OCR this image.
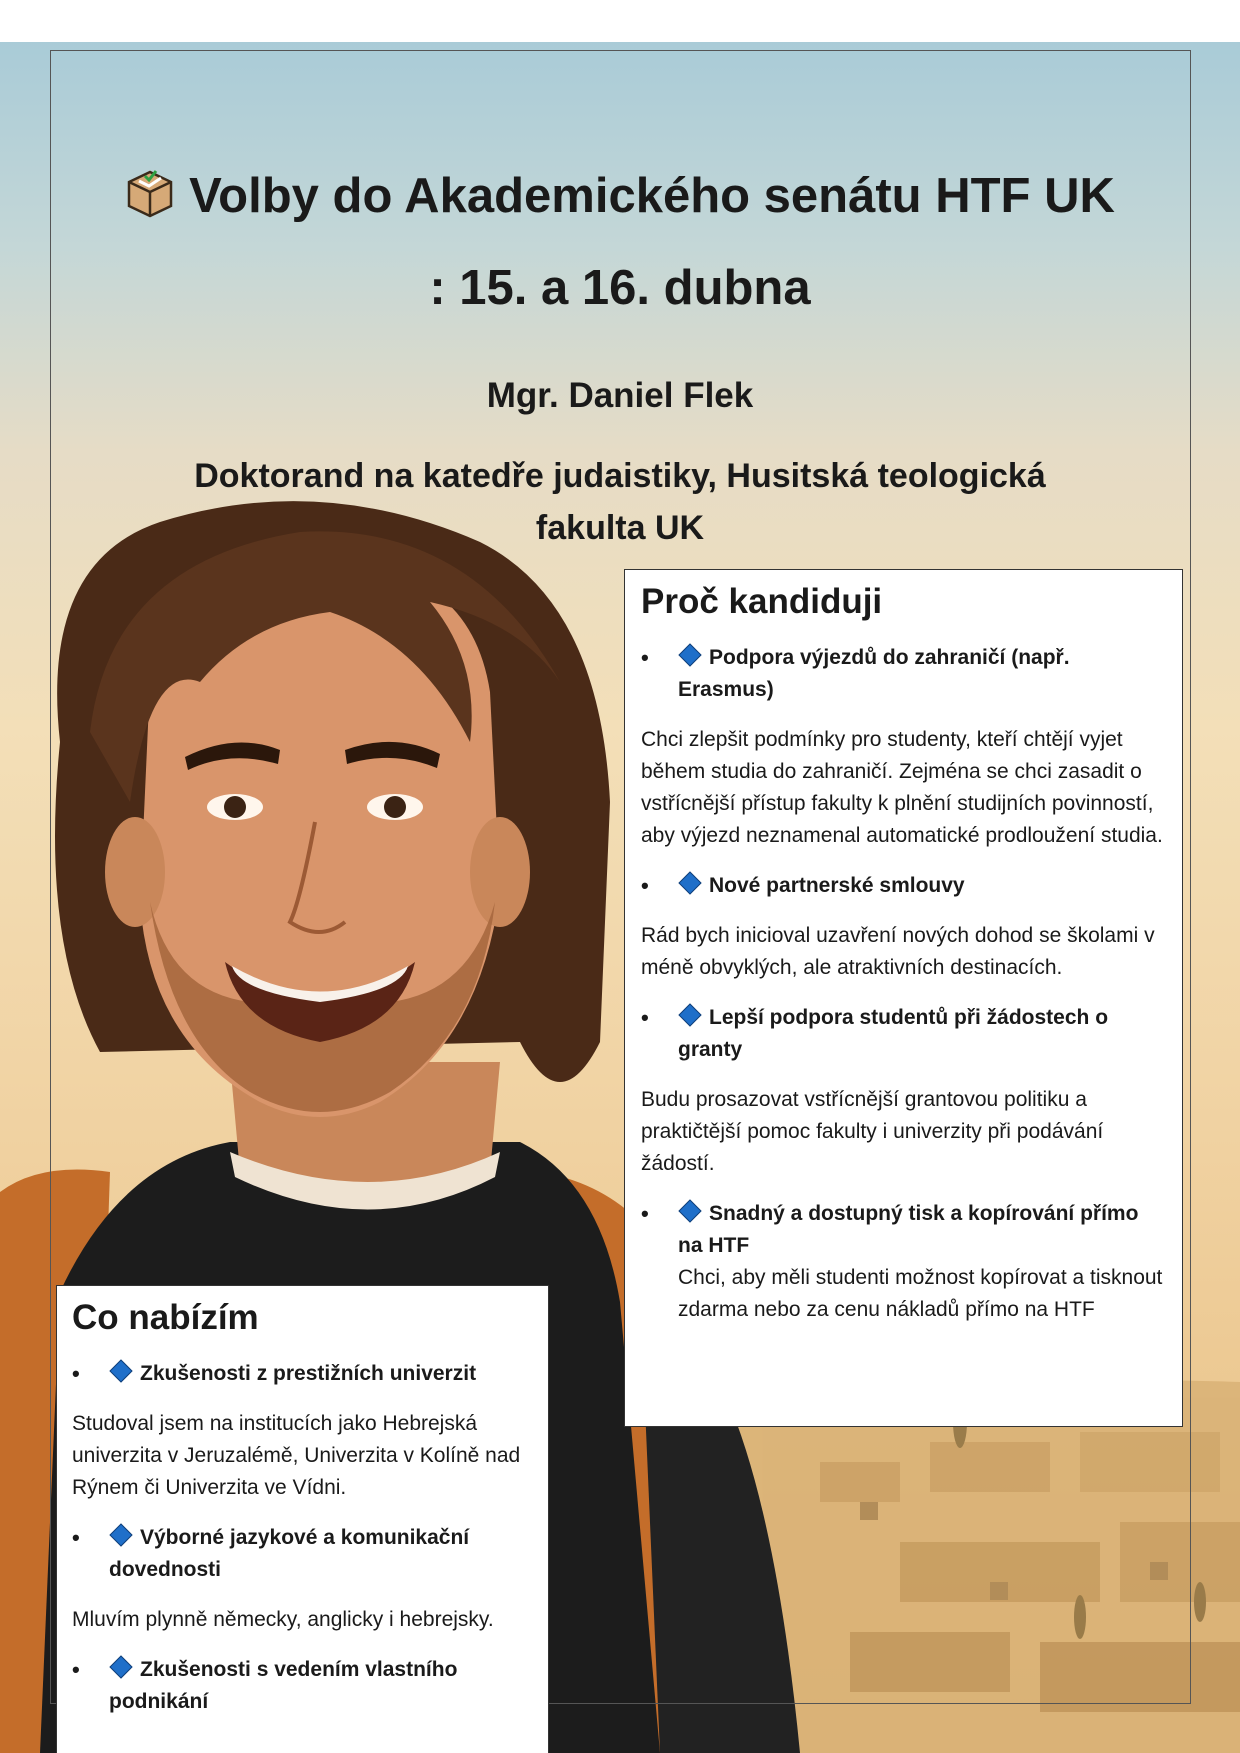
Volby do Akademického senátu HTF UK
: 15. a 16. dubna
Mgr. Daniel Flek
Doktorand na katedře judaistiky, Husitská teologická fakulta UK
Proč kandiduji
• Podpora výjezdů do zahraničí (např. Erasmus)

Chci zlepšit podmínky pro studenty, kteří chtějí vyjet během studia do zahraničí. Zejména se chci zasadit o vstřícnější přístup fakulty k plnění studijních povinností, aby výjezd neznamenal automatické prodloužení studia.

• Nové partnerské smlouvy

Rád bych inicioval uzavření nových dohod se školami v méně obvyklých, ale atraktivních destinacích.

• Lepší podpora studentů při žádostech o granty

Budu prosazovat vstřícnější grantovou politiku a praktičtější pomoc fakulty i univerzity při podávání žádostí.

• Snadný a dostupný tisk a kopírování přímo na HTF
Chci, aby měli studenti možnost kopírovat a tisknout zdarma nebo za cenu nákladů přímo na HTF
Co nabízím
• Zkušenosti z prestižních univerzit

Studoval jsem na institucích jako Hebrejská univerzita v Jeruzalémě, Univerzita v Kolíně nad Rýnem či Univerzita ve Vídni.

• Výborné jazykové a komunikační dovednosti

Mluvím plynně německy, anglicky i hebrejsky.

• Zkušenosti s vedením vlastního podnikání
